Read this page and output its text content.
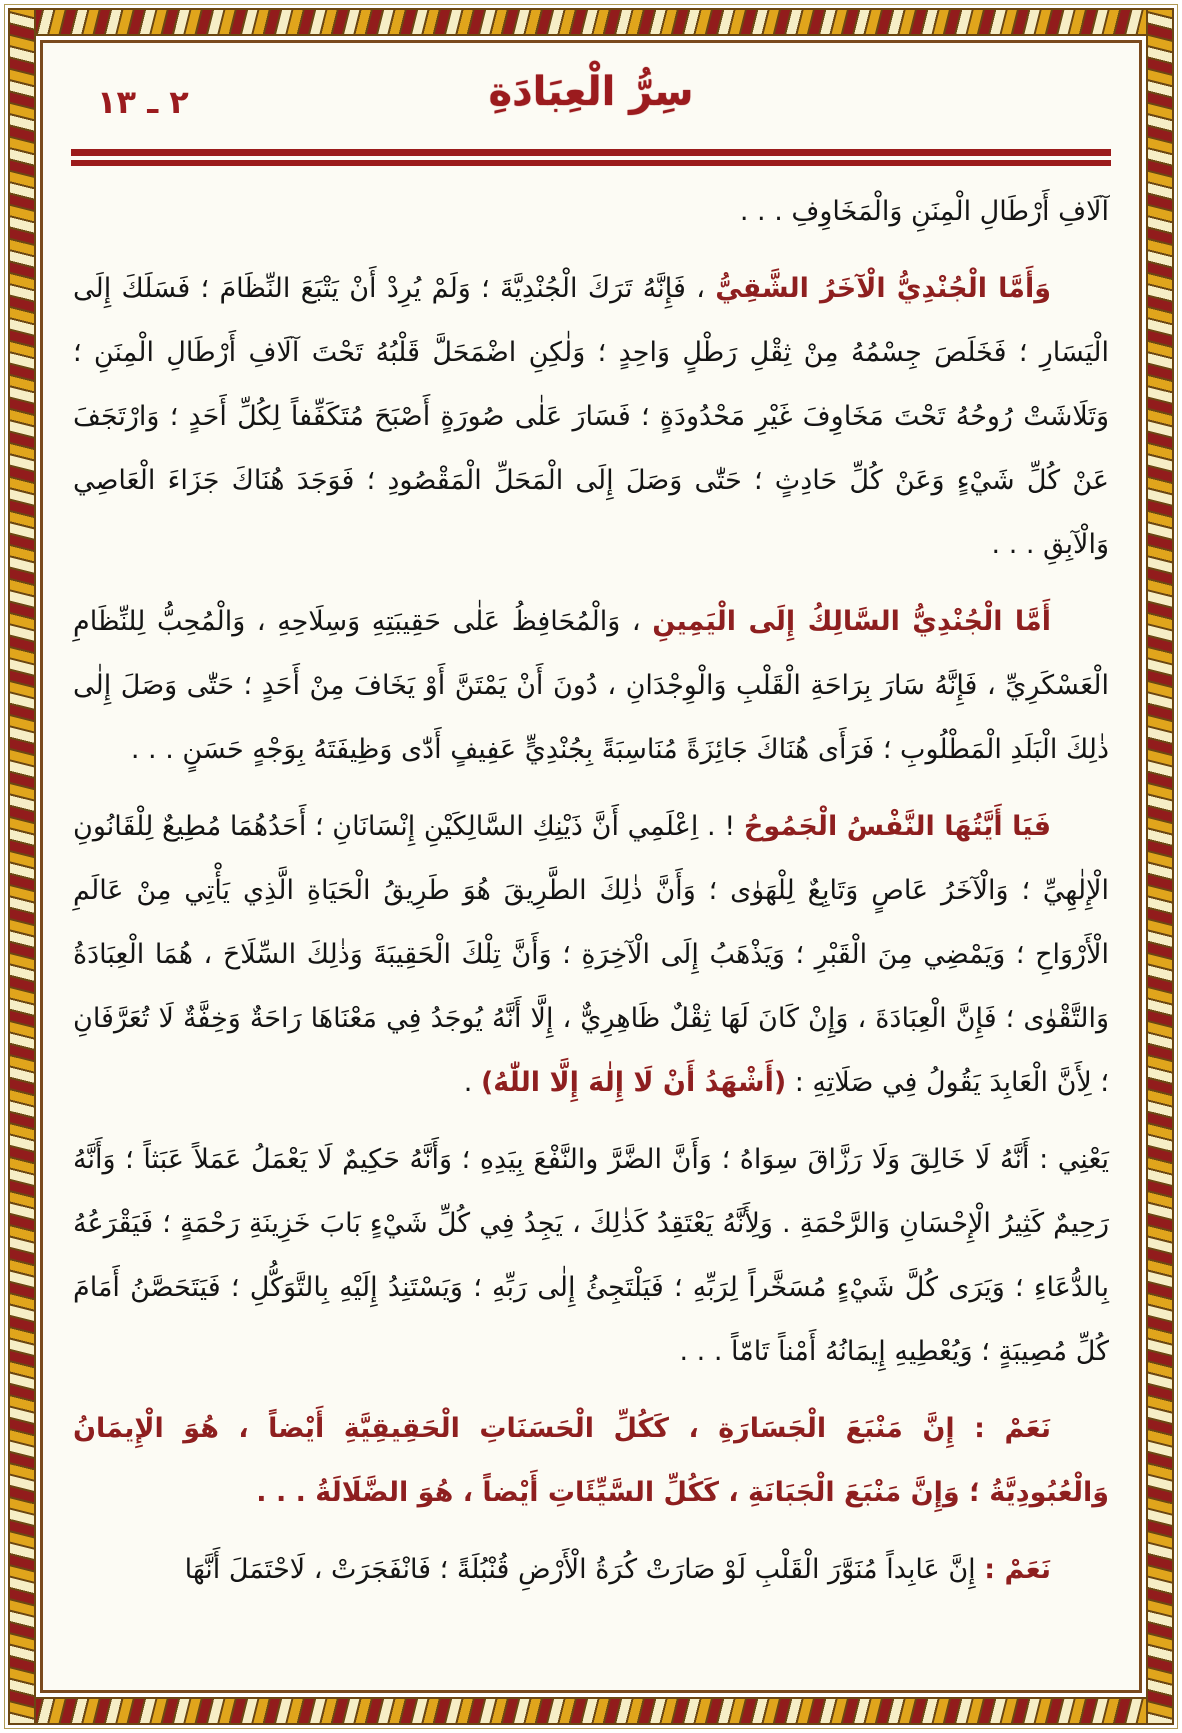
٢ ـ ١٣	سِرُّ الْعِبَادَةِ

آلَافِ أَرْطَالِ الْمِنَنِ وَالْمَخَاوِفِ . . .

وَأَمَّا الْجُنْدِيُّ الْآخَرُ الشَّقِيُّ ، فَإِنَّهُ تَرَكَ الْجُنْدِيَّةَ ؛ وَلَمْ يُرِدْ أَنْ يَتْبَعَ النِّظَامَ ؛ فَسَلَكَ إِلَى الْيَسَارِ ؛ فَخَلَصَ جِسْمُهُ مِنْ ثِقْلِ رَطْلٍ وَاحِدٍ ؛ وَلٰكِنِ اضْمَحَلَّ قَلْبُهُ تَحْتَ آلَافِ أَرْطَالِ الْمِنَنِ ؛ وَتَلَاشَتْ رُوحُهُ تَحْتَ مَخَاوِفَ غَيْرِ مَحْدُودَةٍ ؛ فَسَارَ عَلٰى صُورَةٍ أَصْبَحَ مُتَكَفِّفاً لِكُلِّ أَحَدٍ ؛ وَارْتَجَفَ عَنْ كُلِّ شَيْءٍ وَعَنْ كُلِّ حَادِثٍ ؛ حَتّٰى وَصَلَ إِلَى الْمَحَلِّ الْمَقْصُودِ ؛ فَوَجَدَ هُنَاكَ جَزَاءَ الْعَاصِي وَالْآبِقِ . . .

أَمَّا الْجُنْدِيُّ السَّالِكُ إِلَى الْيَمِينِ ، وَالْمُحَافِظُ عَلٰى حَقِيبَتِهِ وَسِلَاحِهِ ، وَالْمُحِبُّ لِلنِّظَامِ الْعَسْكَرِيِّ ، فَإِنَّهُ سَارَ بِرَاحَةِ الْقَلْبِ وَالْوِجْدَانِ ، دُونَ أَنْ يَمْتَنَّ أَوْ يَخَافَ مِنْ أَحَدٍ ؛ حَتّٰى وَصَلَ إِلٰى ذٰلِكَ الْبَلَدِ الْمَطْلُوبِ ؛ فَرَأَى هُنَاكَ جَائِزَةً مُنَاسِبَةً بِجُنْدِيٍّ عَفِيفٍ أَدّٰى وَظِيفَتَهُ بِوَجْهٍ حَسَنٍ . . .

فَيَا أَيَّتُهَا النَّفْسُ الْجَمُوحُ ! . اِعْلَمِي أَنَّ ذَيْنِكِ السَّالِكَيْنِ إِنْسَانَانِ ؛ أَحَدُهُمَا مُطِيعٌ لِلْقَانُونِ الْإِلٰهِيِّ ؛ وَالْآخَرُ عَاصٍ وَتَابِعٌ لِلْهَوٰى ؛ وَأَنَّ ذٰلِكَ الطَّرِيقَ هُوَ طَرِيقُ الْحَيَاةِ الَّذِي يَأْتِي مِنْ عَالَمِ الْأَرْوَاحِ ؛ وَيَمْضِي مِنَ الْقَبْرِ ؛ وَيَذْهَبُ إِلَى الْآخِرَةِ ؛ وَأَنَّ تِلْكَ الْحَقِيبَةَ وَذٰلِكَ السِّلَاحَ ، هُمَا الْعِبَادَةُ وَالتَّقْوٰى ؛ فَإِنَّ الْعِبَادَةَ ، وَإِنْ كَانَ لَهَا ثِقْلٌ ظَاهِرِيٌّ ، إِلَّا أَنَّهُ يُوجَدُ فِي مَعْنَاهَا رَاحَةٌ وَخِفَّةٌ لَا تُعَرَّفَانِ ؛ لِأَنَّ الْعَابِدَ يَقُولُ فِي صَلَاتِهِ : (أَشْهَدُ أَنْ لَا إِلٰهَ إِلَّا اللّٰهُ) .

يَعْنِي : أَنَّهُ لَا خَالِقَ وَلَا رَزَّاقَ سِوَاهُ ؛ وَأَنَّ الضَّرَّ والنَّفْعَ بِيَدِهِ ؛ وَأَنَّهُ حَكِيمٌ لَا يَعْمَلُ عَمَلاً عَبَثاً ؛ وَأَنَّهُ رَحِيمٌ كَثِيرُ الْإِحْسَانِ وَالرَّحْمَةِ . وَلِأَنَّهُ يَعْتَقِدُ كَذٰلِكَ ، يَجِدُ فِي كُلِّ شَيْءٍ بَابَ خَزِينَةِ رَحْمَةٍ ؛ فَيَقْرَعُهُ بِالدُّعَاءِ ؛ وَيَرَى كُلَّ شَيْءٍ مُسَخَّراً لِرَبِّهِ ؛ فَيَلْتَجِئُ إِلٰى رَبِّهِ ؛ وَيَسْتَنِدُ إِلَيْهِ بِالتَّوَكُّلِ ؛ فَيَتَحَصَّنُ أَمَامَ كُلِّ مُصِيبَةٍ ؛ وَيُعْطِيهِ إِيمَانُهُ أَمْناً تَامّاً . . .

نَعَمْ : إِنَّ مَنْبَعَ الْجَسَارَةِ ، كَكُلِّ الْحَسَنَاتِ الْحَقِيقِيَّةِ أَيْضاً ، هُوَ الْإِيمَانُ وَالْعُبُودِيَّةُ ؛ وَإِنَّ مَنْبَعَ الْجَبَانَةِ ، كَكُلِّ السَّيِّئَاتِ أَيْضاً ، هُوَ الضَّلَالَةُ . . .

نَعَمْ : إِنَّ عَابِداً مُنَوَّرَ الْقَلْبِ لَوْ صَارَتْ كُرَةُ الْأَرْضِ قُنْبُلَةً ؛ فَانْفَجَرَتْ ، لَاحْتَمَلَ أَنَّهَا
